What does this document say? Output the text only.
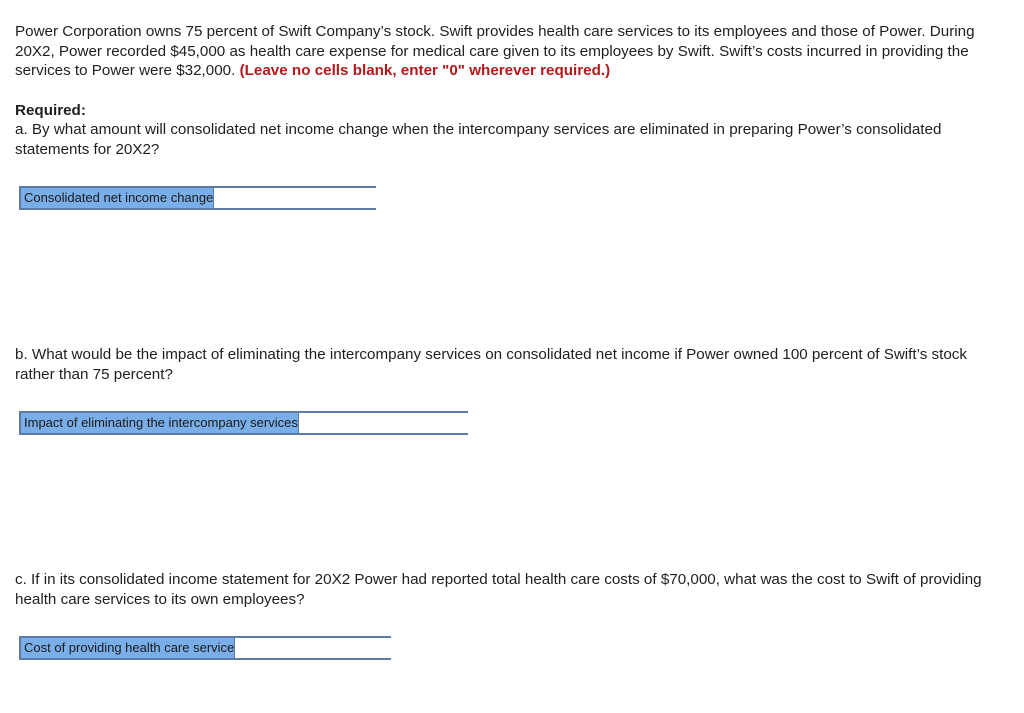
Power Corporation owns 75 percent of Swift Company’s stock. Swift provides health care services to its employees and those of Power. During 20X2, Power recorded $45,000 as health care expense for medical care given to its employees by Swift. Swift’s costs incurred in providing the services to Power were $32,000. (Leave no cells blank, enter "0" wherever required.)

Required:

a. By what amount will consolidated net income change when the intercompany services are eliminated in preparing Power’s consolidated statements for 20X2?

Consolidated net income change

b. What would be the impact of eliminating the intercompany services on consolidated net income if Power owned 100 percent of Swift’s stock rather than 75 percent?

Impact of eliminating the intercompany services

c. If in its consolidated income statement for 20X2 Power had reported total health care costs of $70,000, what was the cost to Swift of providing health care services to its own employees?

Cost of providing health care service
